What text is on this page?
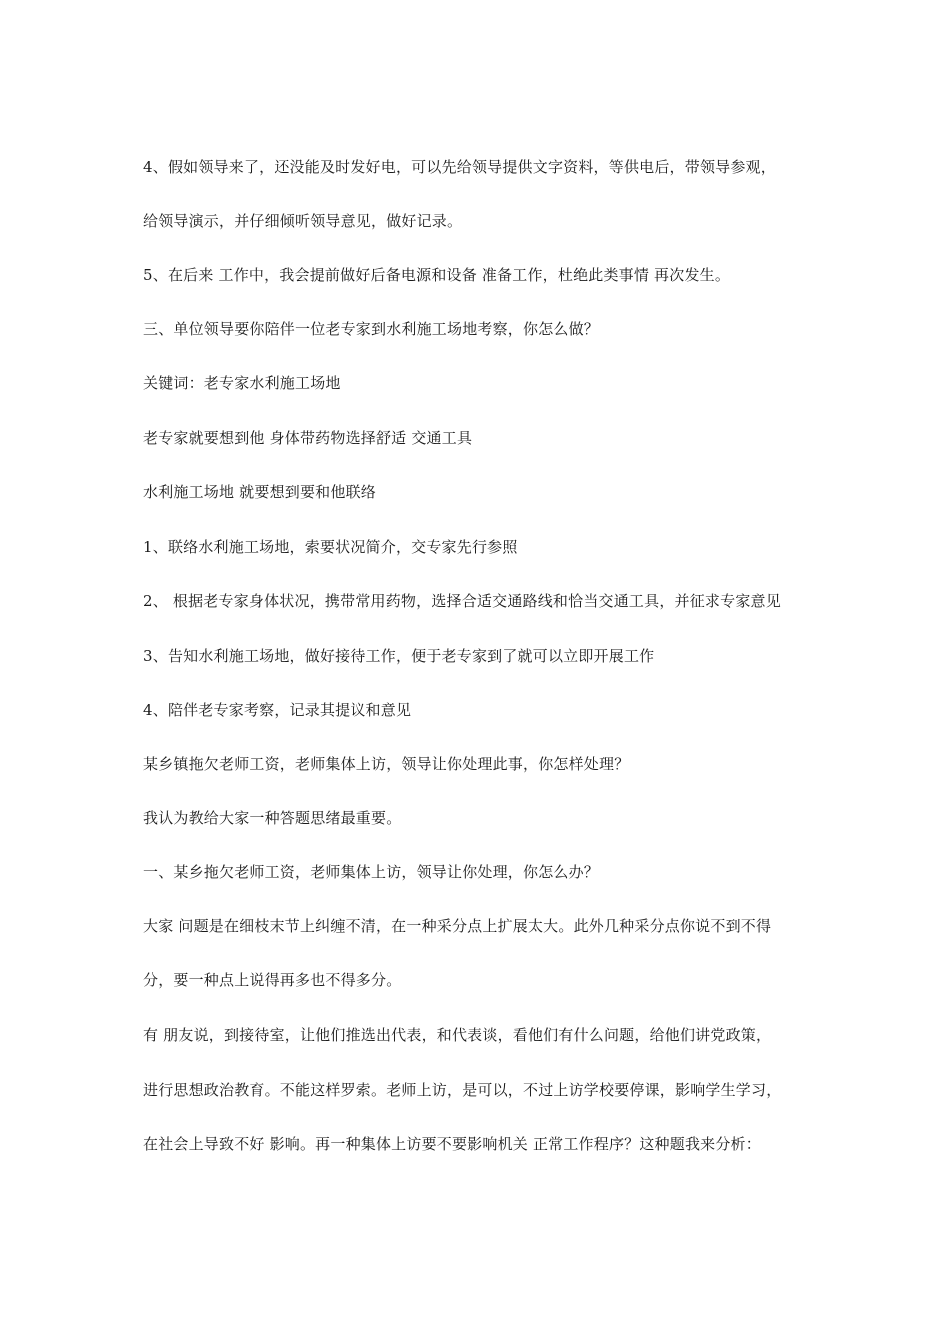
4、假如领导来了，还没能及时发好电，可以先给领导提供文字资料，等供电后，带领导参观，
给领导演示，并仔细倾听领导意见，做好记录。
5、在后来 工作中，我会提前做好后备电源和设备 准备工作，杜绝此类事情 再次发生。
三、单位领导要你陪伴一位老专家到水利施工场地考察，你怎么做？
关键词：老专家水利施工场地
老专家就要想到他 身体带药物选择舒适 交通工具
水利施工场地 就要想到要和他联络
1、联络水利施工场地，索要状况简介，交专家先行参照
2、 根据老专家身体状况，携带常用药物，选择合适交通路线和恰当交通工具，并征求专家意见
3、告知水利施工场地，做好接待工作，便于老专家到了就可以立即开展工作
4、陪伴老专家考察，记录其提议和意见
某乡镇拖欠老师工资，老师集体上访，领导让你处理此事，你怎样处理？
我认为教给大家一种答题思绪最重要。
一、某乡拖欠老师工资，老师集体上访，领导让你处理，你怎么办？
大家 问题是在细枝末节上纠缠不清，在一种采分点上扩展太大。此外几种采分点你说不到不得
分，要一种点上说得再多也不得多分。
有 朋友说，到接待室，让他们推选出代表，和代表谈，看他们有什么问题，给他们讲党政策，
进行思想政治教育。不能这样罗索。老师上访，是可以，不过上访学校要停课，影响学生学习，
在社会上导致不好 影响。再一种集体上访要不要影响机关 正常工作程序？这种题我来分析：
